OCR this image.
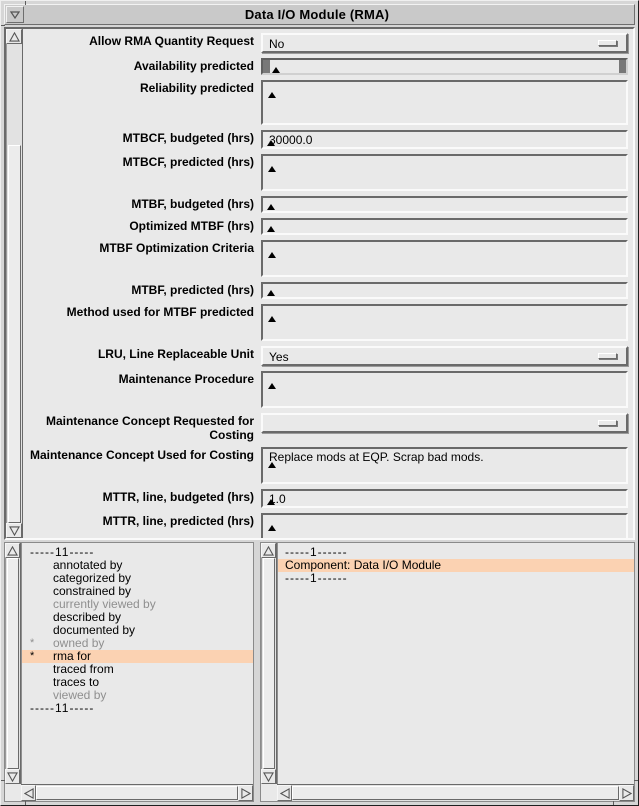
Data I/O Module (RMA)
Allow RMA Quantity Request	No
Availability predicted
Reliability predicted
MTBCF, budgeted (hrs)	30000.0
MTBCF, predicted (hrs)
MTBF, budgeted (hrs)
Optimized MTBF (hrs)
MTBF Optimization Criteria
MTBF, predicted (hrs)
Method used for MTBF predicted
LRU, Line Replaceable Unit	Yes
Maintenance Procedure
Maintenance Concept Requested for Costing
Maintenance Concept Used for Costing	Replace mods at EQP. Scrap bad mods.
MTTR, line, budgeted (hrs)	1.0
MTTR, line, predicted (hrs)
-----11-----
annotated by
categorized by
constrained by
currently viewed by
described by
documented by
* owned by
* rma for
traced from
traces to
viewed by
-----11-----
-----1------
Component: Data I/O Module
-----1------
